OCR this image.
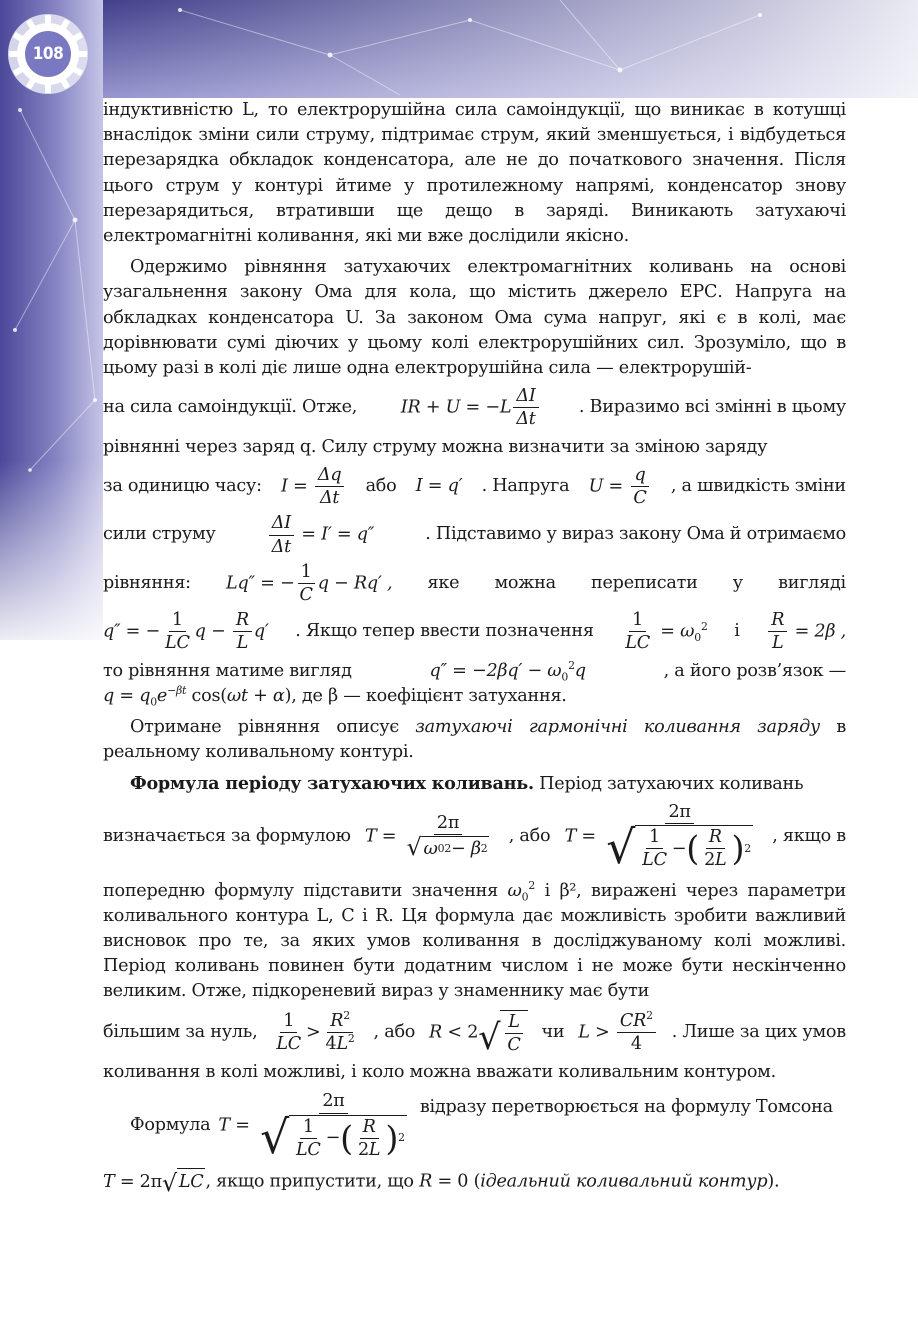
108

індуктивністю L, то електрорушійна сила самоіндукції, що виникає в котушці внаслідок зміни сили струму, підтримає струм, який зменшується, і відбудеться перезарядка обкладок конденсатора, але не до початкового значення. Після цього струм у контурі йтиме у протилежному напрямі, конденсатор знову перезарядиться, втративши ще дещо в заряді. Виникають затухаючі електромагнітні коливання, які ми вже дослідили якісно.

Одержимо рівняння затухаючих електромагнітних коливань на основі узагальнення закону Ома для кола, що містить джерело ЕРС. Напруга на обкладках конденсатора U. За законом Ома сума напруг, які є в колі, має дорівнювати сумі діючих у цьому колі електрорушійних сил. Зрозуміло, що в цьому разі в колі діє лише одна електрорушійна сила — електрорушій-

на сила самоіндукції. Отже, IR + $U = -L \frac{\Delta I}{\Delta t}$ . Виразимо всі змінні в цьому

рівнянні через заряд q. Силу струму можна визначити за зміною заряду

за одиницю часу: $I = \frac{\Delta q}{\Delta t}$ або I = q′ . Напруга $U = \frac{q}{C}$ , а швидкість зміни
сили струму	$\frac{\Delta I}{\Delta t} = I' = q''$	. Підставимо у вираз закону Ома й отримаємо
рівняння: Lq″ = − $\frac{1}{C}$ q − Rq′ , яке можна переписати у вигляді
q″ = − $\frac{1}{LC}$ $q - \frac{R}{L} q'$ . Якщо тепер ввести позначення $\frac{1}{LC} = \omega_0^2$ і $\frac{R}{L} = 2\beta$ ,
то рівняння матиме вигляд	$q'' = -2\beta q' - \omega_0^2q$	, а його розв’язок —

$q = q_0e^{-\beta t}$ cos(ωt + α), де β — коефіцієнт затухання.

Отримане рівняння описує затухаючі гармонічні коливання заряду в реальному коливальному контурі.

Формула періоду затухаючих коливань. Період затухаючих коливань

визначається за формулою $T = \frac{2\pi}{√ \omega 0 2 - \beta 2}$ , або $T = \frac{2\pi}{√ \frac{1}{LC} - ( \frac{R}{2L} ) 2}$ , якщо в

попередню формулу підставити значення $\omega_0^2$ і β², виражені через параметри коливального контура L, C і R. Ця формула дає можливість зробити важливий висновок про те, за яких умов коливання в досліджуваному колі можливі. Період коливань повинен бути додатним числом і не може бути нескінченно великим. Отже, підкореневий вираз у знаменнику має бути

більшим за нуль, $\frac{1}{LC} > \frac{R^2}{4L^2}$ , або R < 2 √ $\frac{L}{C}$ чи $L > \frac{CR^2}{4}$ . Лише за цих умов

коливання в колі можливі, і коло можна вважати коливальним контуром.

Формула $T = \frac{2\pi}{√ \frac{1}{LC} - ( \frac{R}{2L} ) 2}$ відразу перетворюється на формулу Томсона

T = 2π √ LC , якщо припустити, що R = 0 (ідеальний коливальний контур).
